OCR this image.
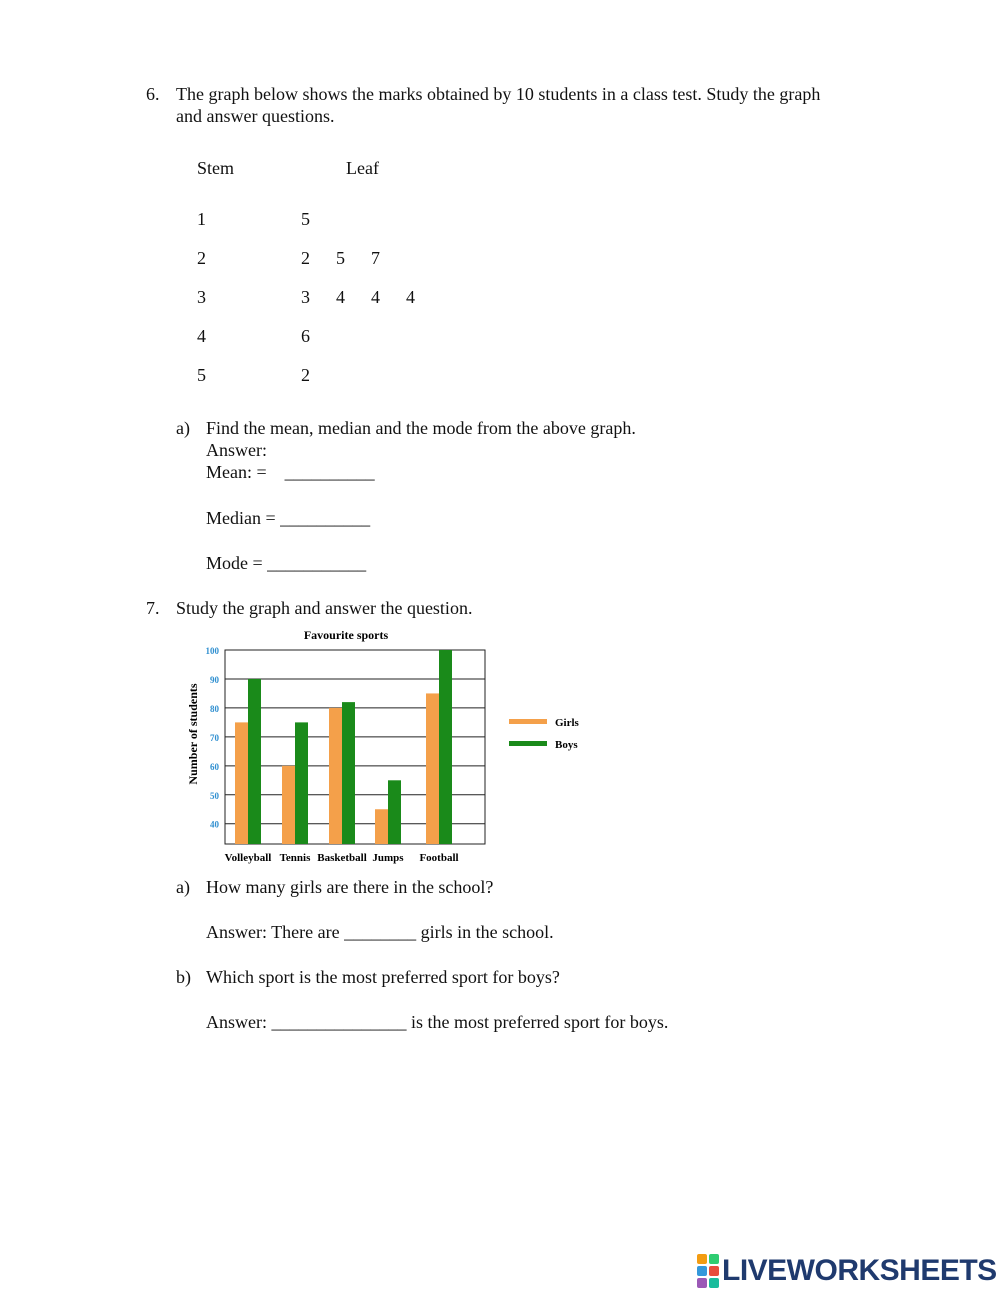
6. The graph below shows the marks obtained by 10 students in a class test. Study the graph
and answer questions.
Stem	Leaf
1	5
2	2 5 7
3	3 4 4 4
4	6
5	2
a) Find the mean, median and the mode from the above graph.
Answer:
Mean: =    __________
Median = __________
Mode = ___________
7. Study the graph and answer the question.
Favourite sports
Number of students
40
50
60
70
80
90
100
Volleyball Tennis Basketball Jumps Football
Girls
Boys
a) How many girls are there in the school?
Answer: There are ________ girls in the school.
b) Which sport is the most preferred sport for boys?
Answer: _______________ is the most preferred sport for boys.
LIVEWORKSHEETS
